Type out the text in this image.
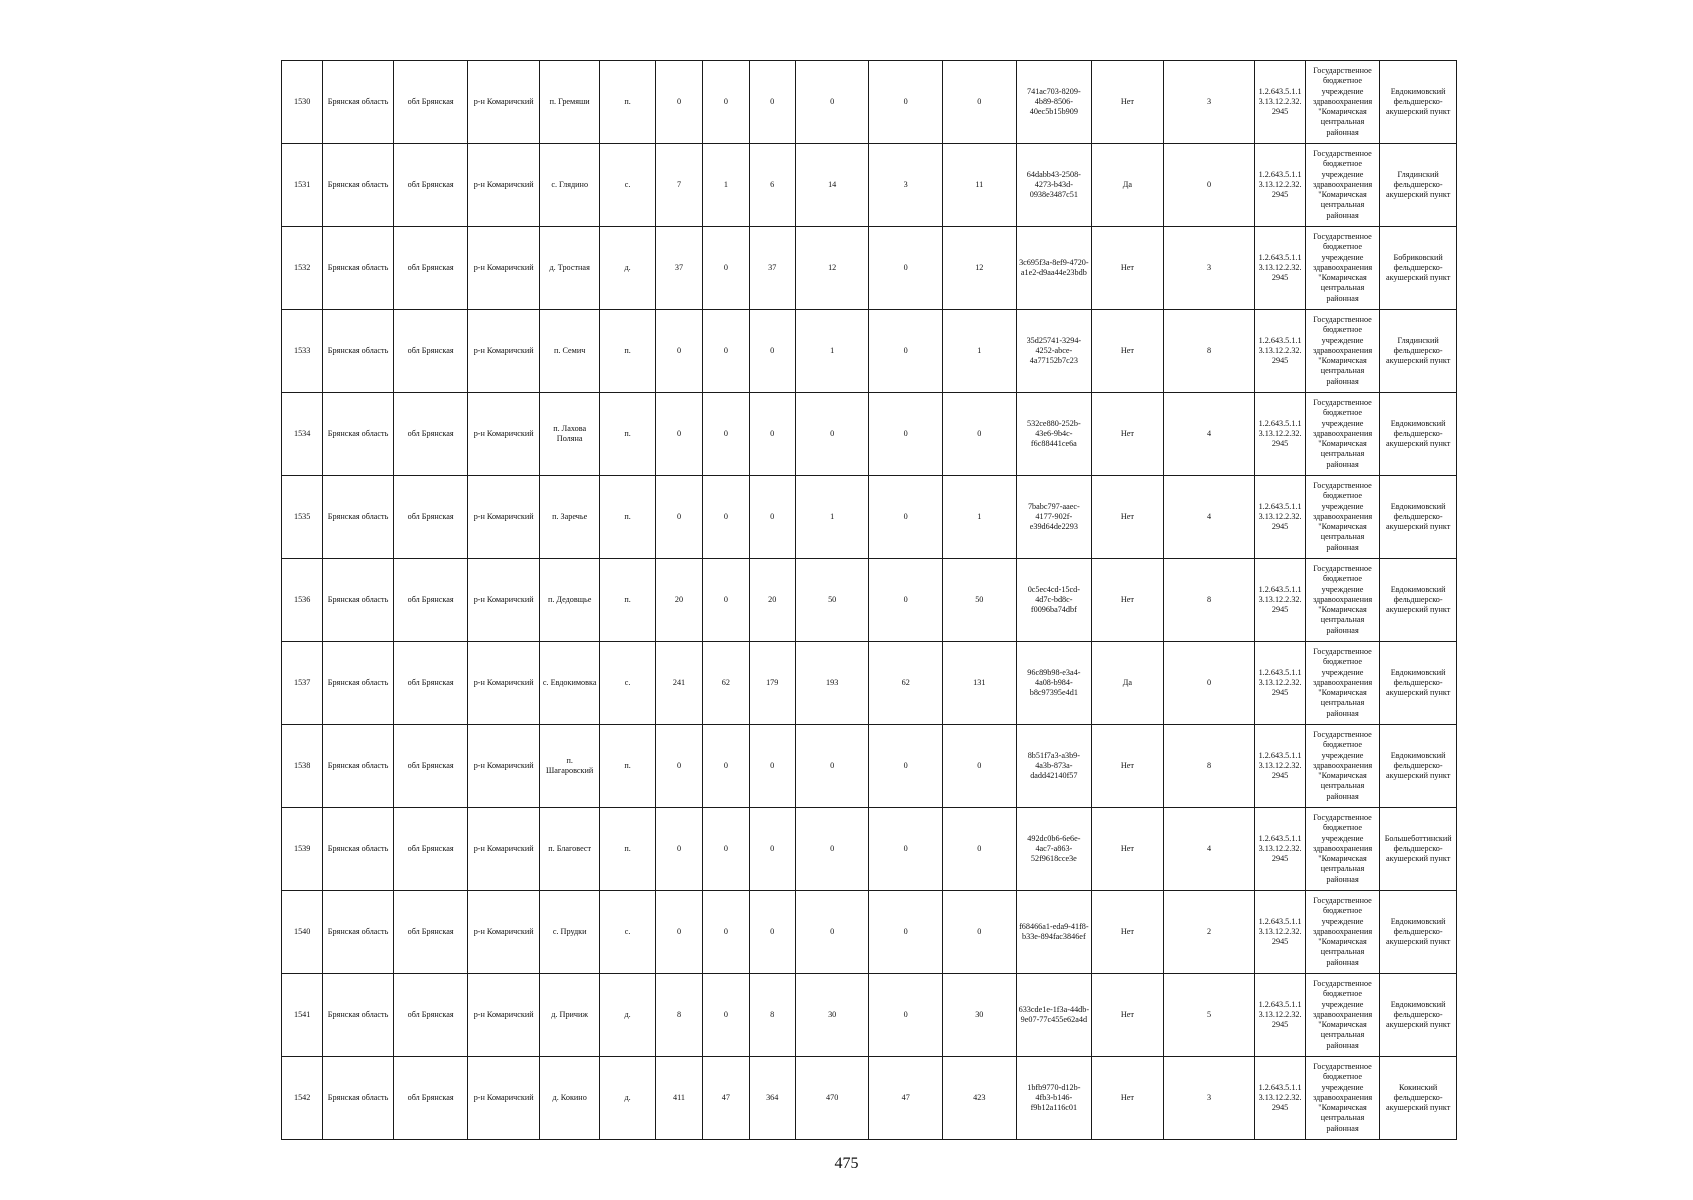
1530	Брянская область	обл Брянская	р-н Комаричский	п. Гремяши	п.	0	0	0	0	0	0	741ac703-8209-4b89-8506-40ec5b15b909	Нет	3	1.2.643.5.1.13.13.12.2.32.2945	Государственное бюджетное учреждение здравоохранения "Комаричская центральная районная	Евдокимовский фельдшерско-акушерский пункт
1531	Брянская область	обл Брянская	р-н Комаричский	с. Глядино	с.	7	1	6	14	3	11	64dabb43-2508-4273-b43d-0938e3487c51	Да	0	1.2.643.5.1.13.13.12.2.32.2945	Государственное бюджетное учреждение здравоохранения "Комаричская центральная районная	Глядинский фельдшерско-акушерский пункт
1532	Брянская область	обл Брянская	р-н Комаричский	д. Тростная	д.	37	0	37	12	0	12	3c695f3a-8ef9-4720-a1e2-d9aa44e23bdb	Нет	3	1.2.643.5.1.13.13.12.2.32.2945	Государственное бюджетное учреждение здравоохранения "Комаричская центральная районная	Бобриковский фельдшерско-акушерский пункт
1533	Брянская область	обл Брянская	р-н Комаричский	п. Семич	п.	0	0	0	1	0	1	35d25741-3294-4252-abce-4a77152b7c23	Нет	8	1.2.643.5.1.13.13.12.2.32.2945	Государственное бюджетное учреждение здравоохранения "Комаричская центральная районная	Глядинский фельдшерско-акушерский пункт
1534	Брянская область	обл Брянская	р-н Комаричский	п. Лахова Поляна	п.	0	0	0	0	0	0	532ce880-252b-43e6-9b4c-f6c88441ce6a	Нет	4	1.2.643.5.1.13.13.12.2.32.2945	Государственное бюджетное учреждение здравоохранения "Комаричская центральная районная	Евдокимовский фельдшерско-акушерский пункт
1535	Брянская область	обл Брянская	р-н Комаричский	п. Заречье	п.	0	0	0	1	0	1	7babc797-aaec-4177-902f-e39d64de2293	Нет	4	1.2.643.5.1.13.13.12.2.32.2945	Государственное бюджетное учреждение здравоохранения "Комаричская центральная районная	Евдокимовский фельдшерско-акушерский пункт
1536	Брянская область	обл Брянская	р-н Комаричский	п. Дедовщье	п.	20	0	20	50	0	50	0c5ec4cd-15cd-4d7c-bd8c-f0096ba74dbf	Нет	8	1.2.643.5.1.13.13.12.2.32.2945	Государственное бюджетное учреждение здравоохранения "Комаричская центральная районная	Евдокимовский фельдшерско-акушерский пункт
1537	Брянская область	обл Брянская	р-н Комаричский	с. Евдокимовка	с.	241	62	179	193	62	131	96c89b98-e3a4-4a08-b984-b8c97395e4d1	Да	0	1.2.643.5.1.13.13.12.2.32.2945	Государственное бюджетное учреждение здравоохранения "Комаричская центральная районная	Евдокимовский фельдшерско-акушерский пункт
1538	Брянская область	обл Брянская	р-н Комаричский	п. Шагаровский	п.	0	0	0	0	0	0	8b51f7a3-a3b9-4a3b-873a-dadd42140f57	Нет	8	1.2.643.5.1.13.13.12.2.32.2945	Государственное бюджетное учреждение здравоохранения "Комаричская центральная районная	Евдокимовский фельдшерско-акушерский пункт
1539	Брянская область	обл Брянская	р-н Комаричский	п. Благовест	п.	0	0	0	0	0	0	492dc0b6-6e6e-4ac7-a863-52f9618cce3e	Нет	4	1.2.643.5.1.13.13.12.2.32.2945	Государственное бюджетное учреждение здравоохранения "Комаричская центральная районная	Большеботтинский фельдшерско-акушерский пункт
1540	Брянская область	обл Брянская	р-н Комаричский	с. Прудки	с.	0	0	0	0	0	0	f68466a1-eda9-41f8-b33e-894fac3846ef	Нет	2	1.2.643.5.1.13.13.12.2.32.2945	Государственное бюджетное учреждение здравоохранения "Комаричская центральная районная	Евдокимовский фельдшерско-акушерский пункт
1541	Брянская область	обл Брянская	р-н Комаричский	д. Причиж	д.	8	0	8	30	0	30	633cde1e-1f3a-44db-9e07-77c455e62a4d	Нет	5	1.2.643.5.1.13.13.12.2.32.2945	Государственное бюджетное учреждение здравоохранения "Комаричская центральная районная	Евдокимовский фельдшерско-акушерский пункт
1542	Брянская область	обл Брянская	р-н Комаричский	д. Кокино	д.	411	47	364	470	47	423	1bfb9770-d12b-4fb3-b146-f9b12a116c01	Нет	3	1.2.643.5.1.13.13.12.2.32.2945	Государственное бюджетное учреждение здравоохранения "Комаричская центральная районная	Кокинский фельдшерско-акушерский пункт
475
